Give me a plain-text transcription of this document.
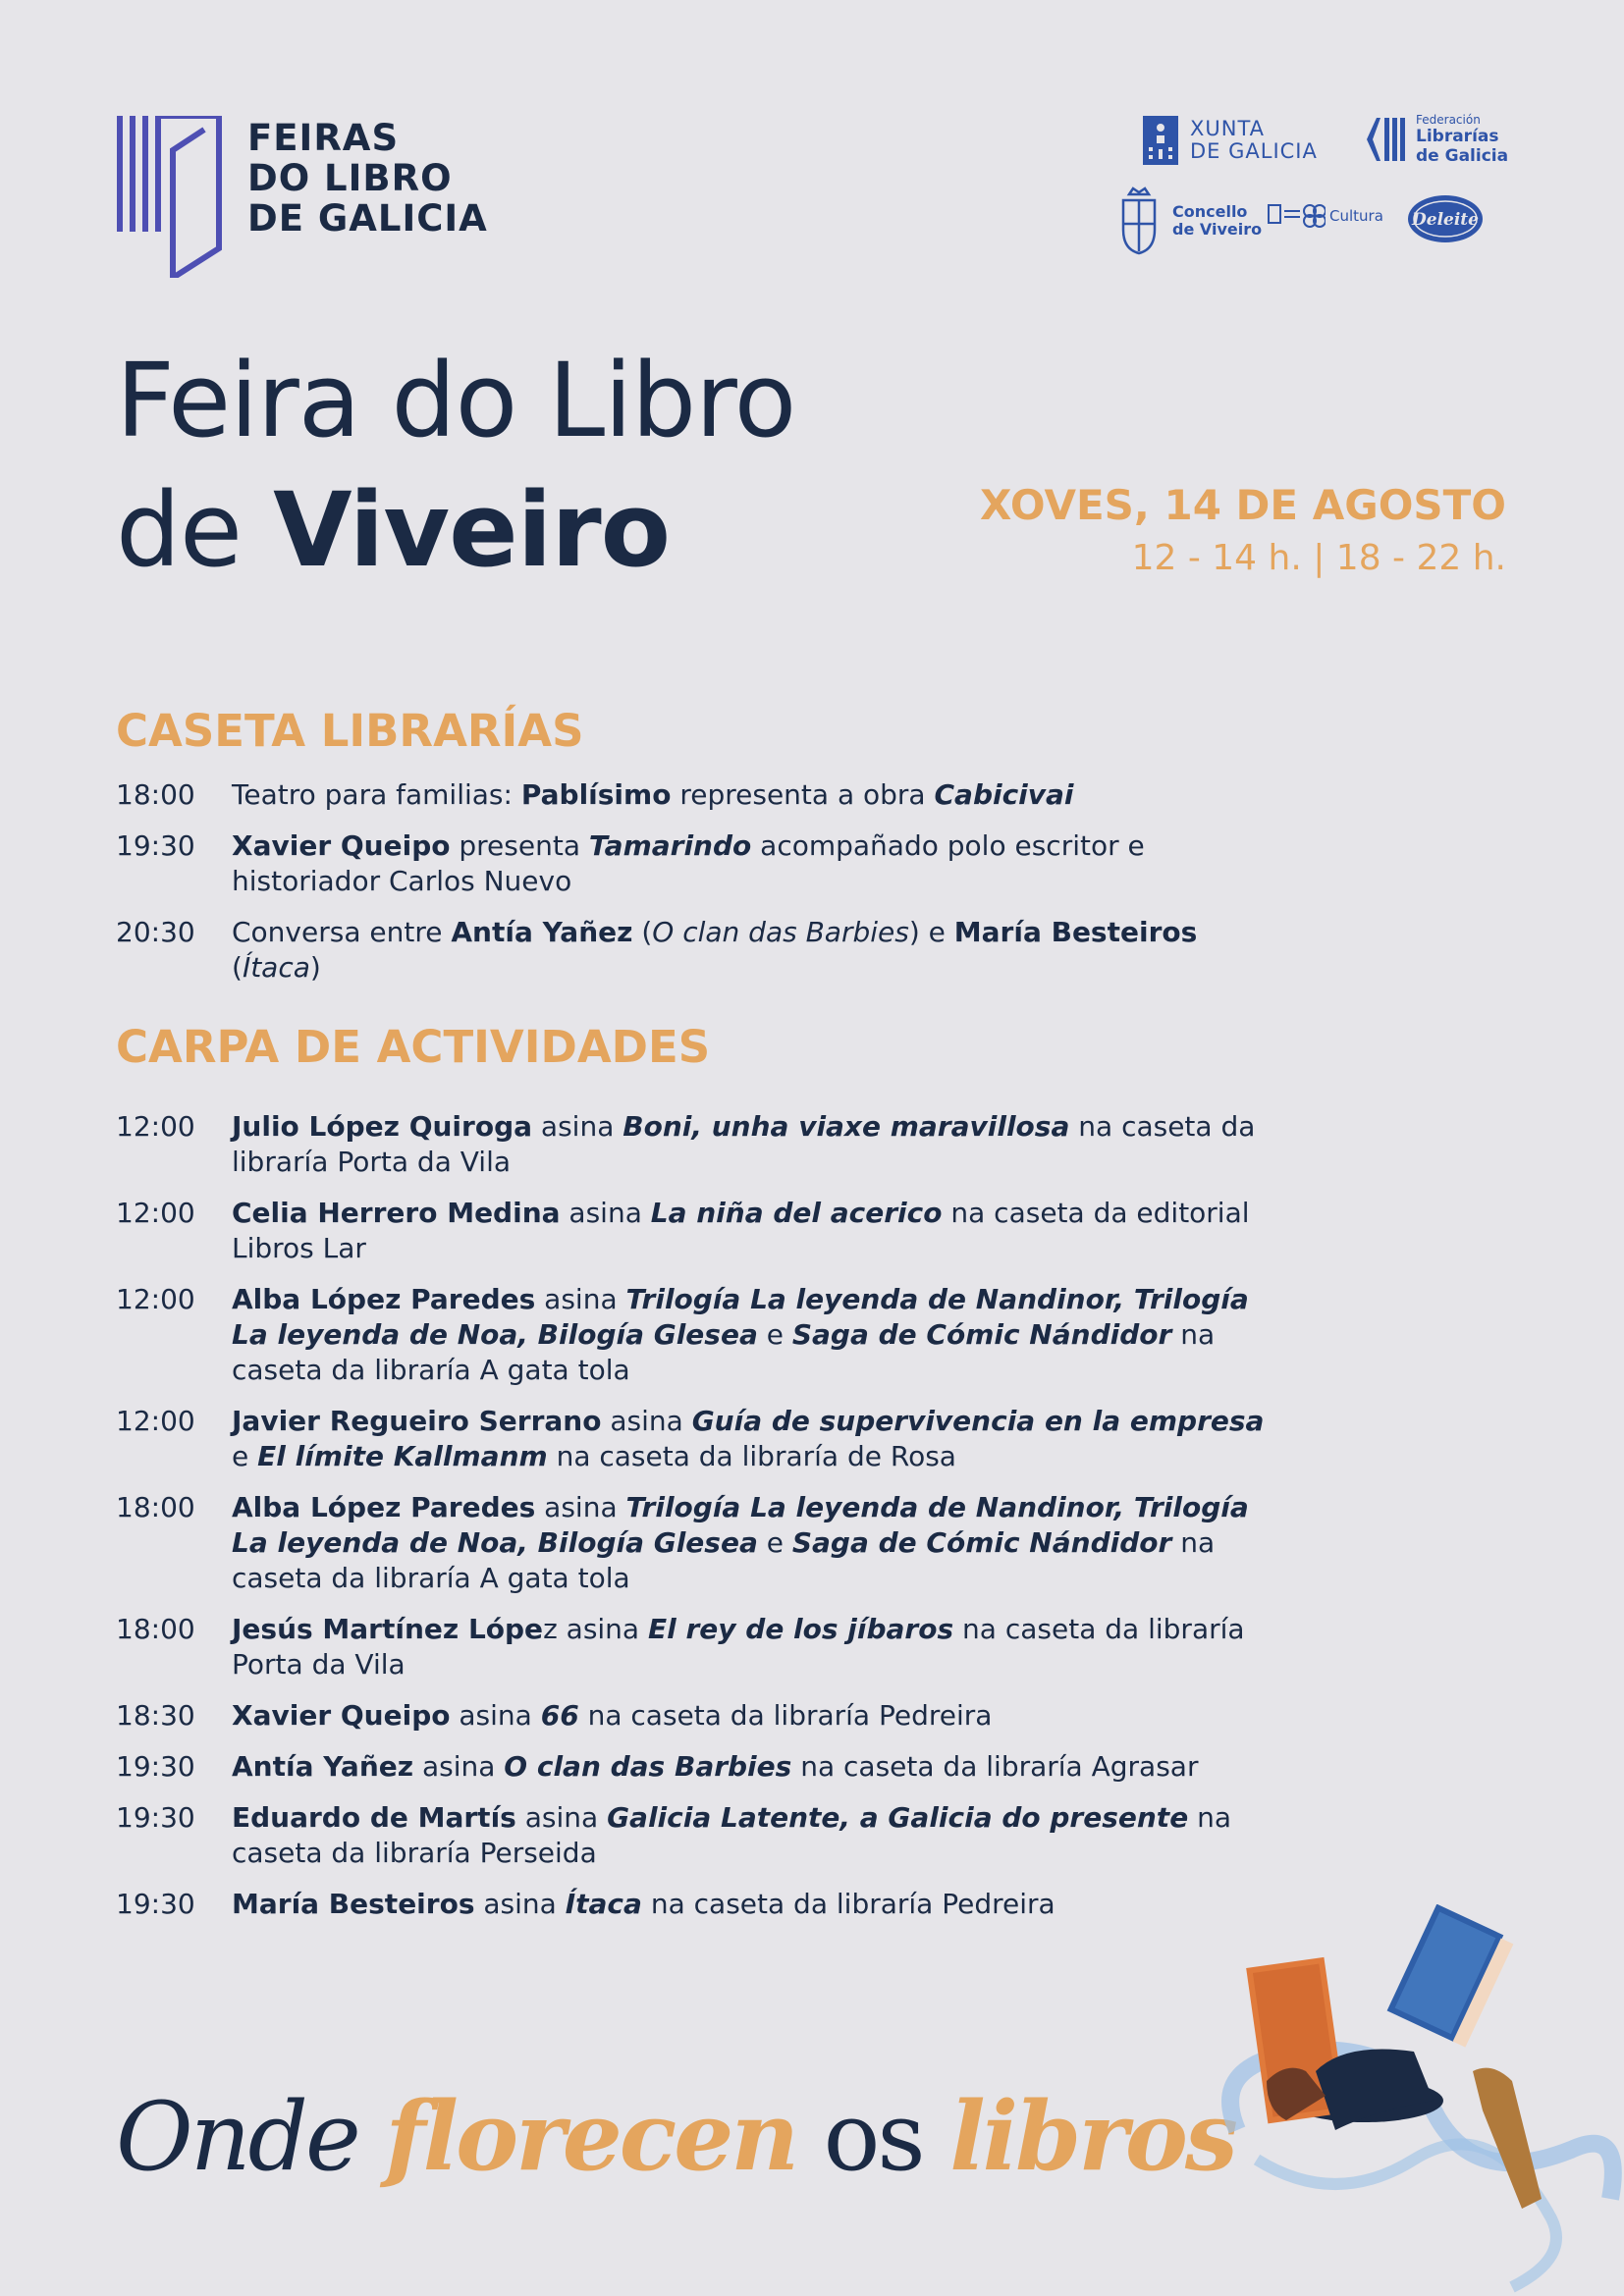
FEIRAS
DO LIBRO
DE GALICIA
XUNTA
DE GALICIA
Federación
Librarías
de Galicia
Concello
de Viveiro
Cultura Deleite
Feira do Libro
de Viveiro	XOVES, 14 DE AGOSTO
12 - 14 h. | 18 - 22 h.
CASETA LIBRARÍAS
18:00	Teatro para familias: Pablísimo representa a obra Cabicivai
19:30	Xavier Queipo presenta Tamarindo acompañado polo escritor e historiador Carlos Nuevo
20:30	Conversa entre Antía Yañez (O clan das Barbies) e María Besteiros (Ítaca)
CARPA DE ACTIVIDADES
12:00	Julio López Quiroga asina Boni, unha viaxe maravillosa na caseta da libraría Porta da Vila
12:00	Celia Herrero Medina asina La niña del acerico na caseta da editorial Libros Lar
12:00	Alba López Paredes asina Trilogía La leyenda de Nandinor, Trilogía La leyenda de Noa, Bilogía Glesea e Saga de Cómic Nándidor na caseta da libraría A gata tola
12:00	Javier Regueiro Serrano asina Guía de supervivencia en la empresa e El límite Kallmanm na caseta da libraría de Rosa
18:00	Alba López Paredes asina Trilogía La leyenda de Nandinor, Trilogía La leyenda de Noa, Bilogía Glesea e Saga de Cómic Nándidor na caseta da libraría A gata tola
18:00	Jesús Martínez López asina El rey de los jíbaros na caseta da libraría Porta da Vila
18:30	Xavier Queipo asina 66 na caseta da libraría Pedreira
19:30	Antía Yañez asina O clan das Barbies na caseta da libraría Agrasar
19:30	Eduardo de Martís asina Galicia Latente, a Galicia do presente na caseta da libraría Perseida
19:30	María Besteiros asina Ítaca na caseta da libraría Pedreira
Onde florecen os libros
